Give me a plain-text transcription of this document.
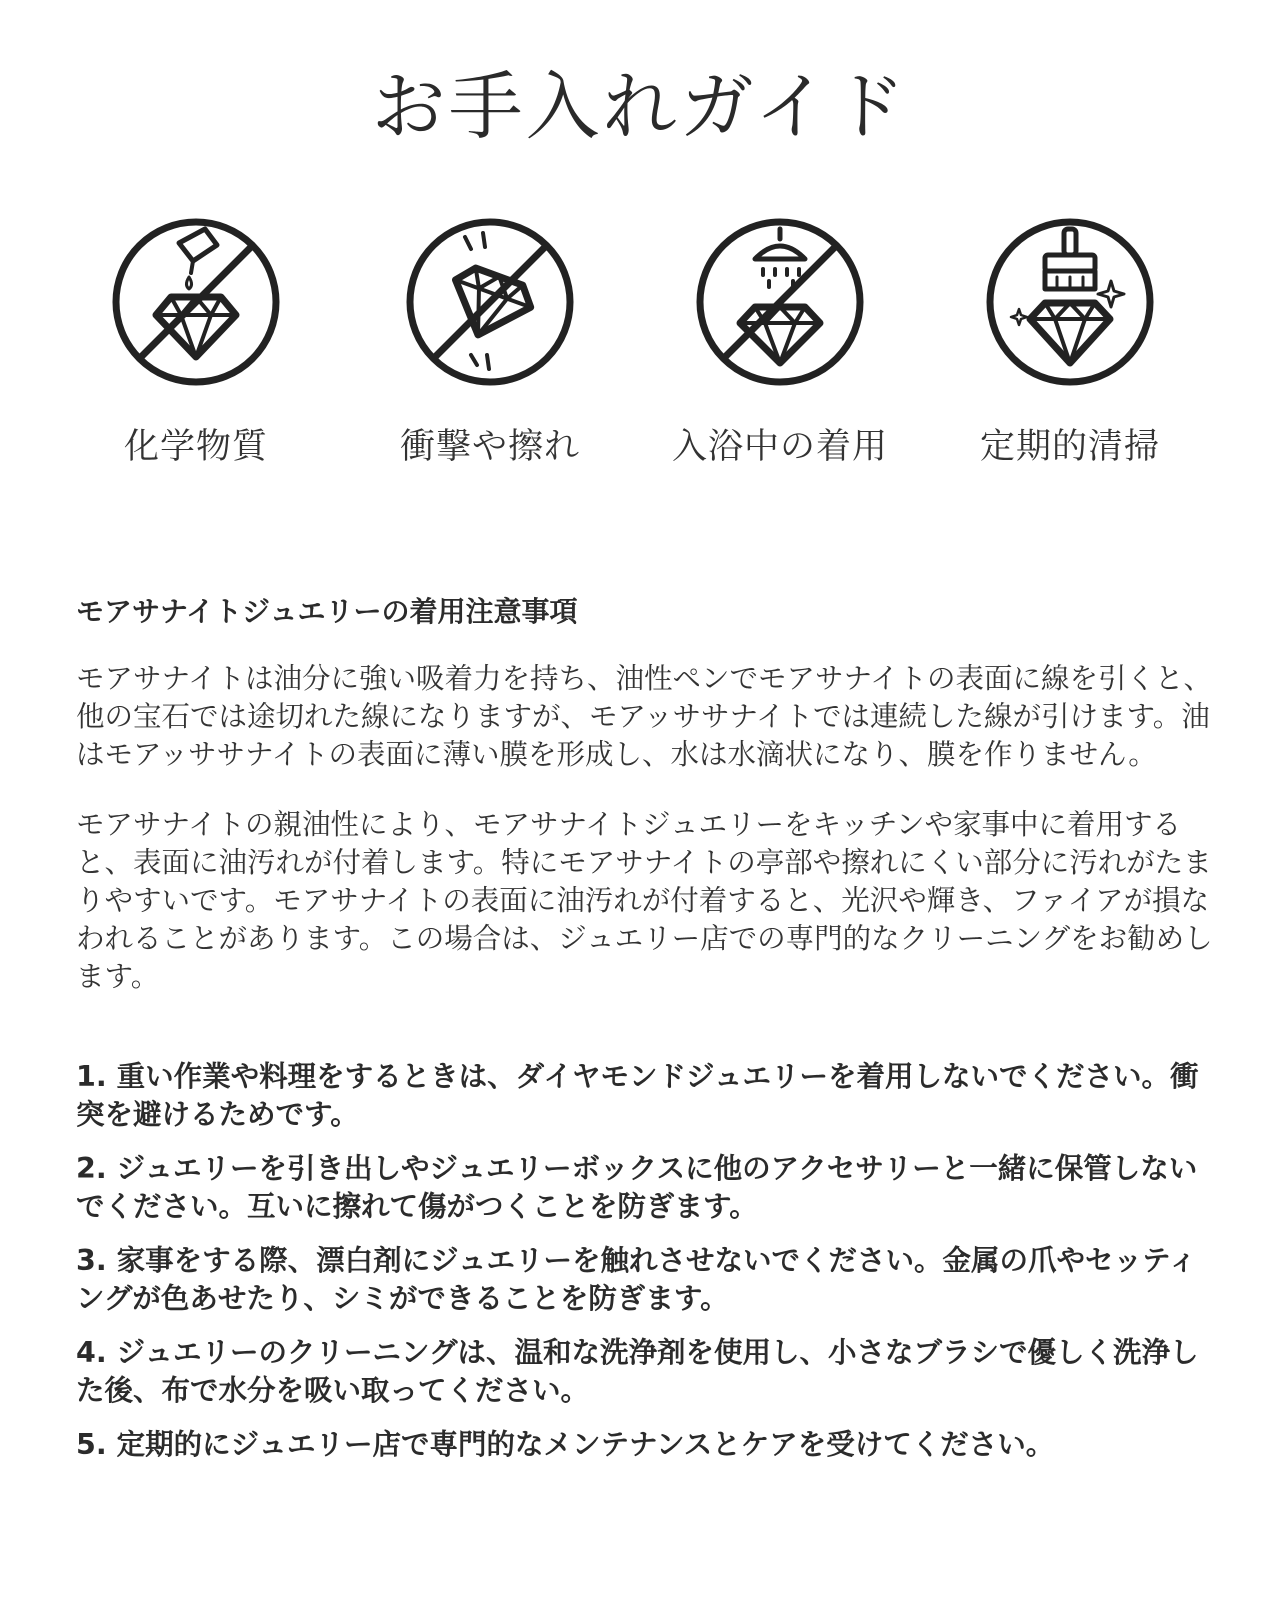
お手入れガイド
化学物質	衝撃や擦れ	入浴中の着用	定期的清掃
モアサナイトジュエリーの着用注意事項

モアサナイトは油分に強い吸着力を持ち、油性ペンでモアサナイトの表面に線を引くと、他の宝石では途切れた線になりますが、モアッササナイトでは連続した線が引けます。油はモアッササナイトの表面に薄い膜を形成し、水は水滴状になり、膜を作りません。

モアサナイトの親油性により、モアサナイトジュエリーをキッチンや家事中に着用すると、表面に油汚れが付着します。特にモアサナイトの亭部や擦れにくい部分に汚れがたまりやすいです。モアサナイトの表面に油汚れが付着すると、光沢や輝き、ファイアが損なわれることがあります。この場合は、ジュエリー店での専門的なクリーニングをお勧めします。

1. 重い作業や料理をするときは、ダイヤモンドジュエリーを着用しないでください。衝突を避けるためです。
2. ジュエリーを引き出しやジュエリーボックスに他のアクセサリーと一緒に保管しないでください。互いに擦れて傷がつくことを防ぎます。
3. 家事をする際、漂白剤にジュエリーを触れさせないでください。金属の爪やセッティングが色あせたり、シミができることを防ぎます。
4. ジュエリーのクリーニングは、温和な洗浄剤を使用し、小さなブラシで優しく洗浄した後、布で水分を吸い取ってください。
5. 定期的にジュエリー店で専門的なメンテナンスとケアを受けてください。
